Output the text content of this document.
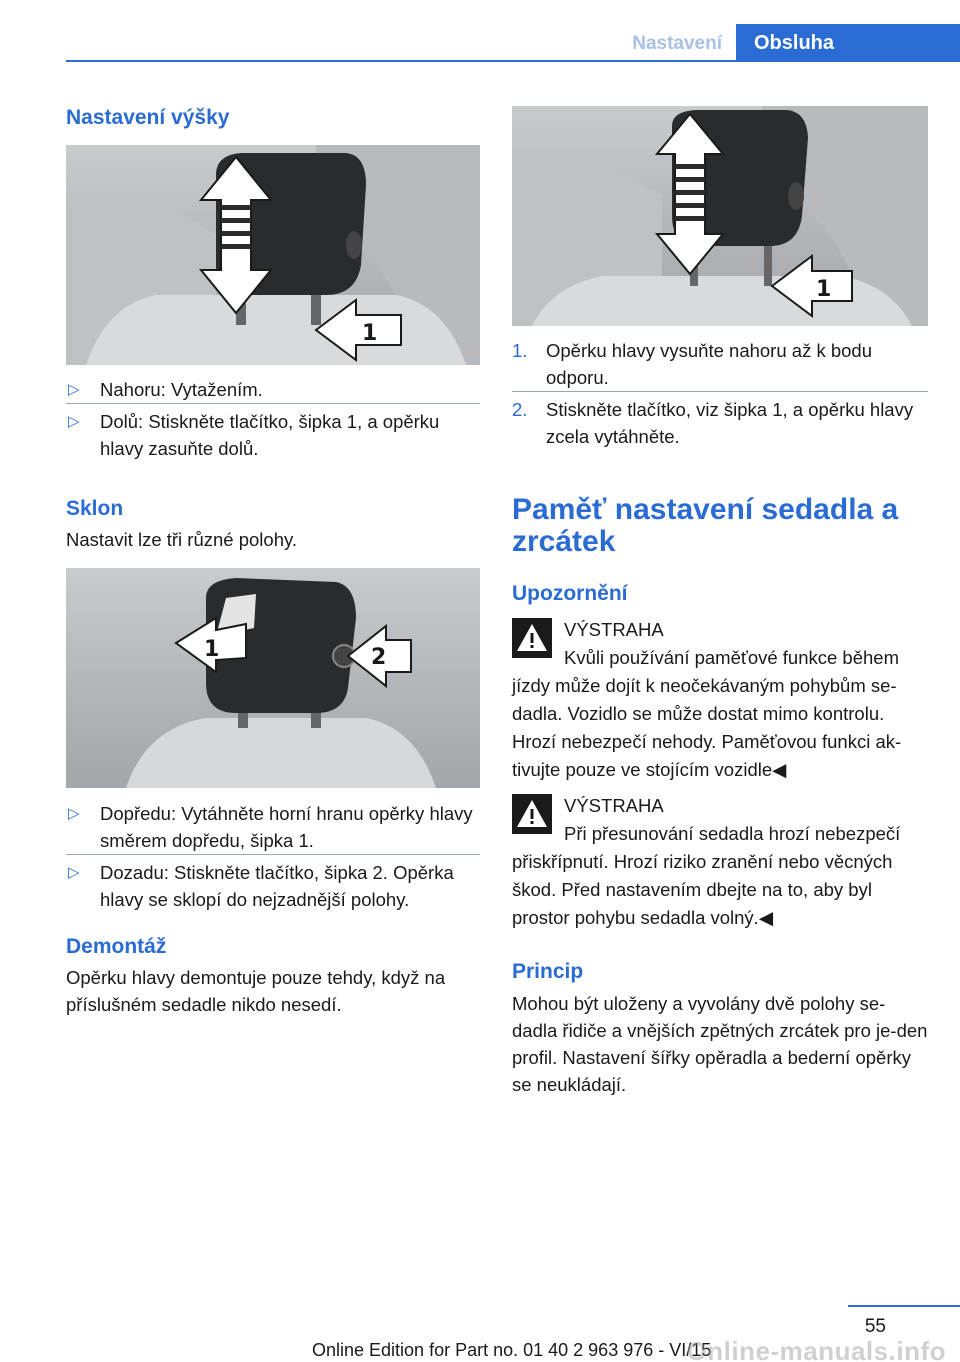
Nastavení	Obsluha
Nastavení výšky
1
▷ Nahoru: Vytažením.
▷ Dolů: Stiskněte tlačítko, šipka 1, a opěrku hlavy zasuňte dolů.
Sklon

Nastavit lze tři různé polohy.

1	2
▷ Dopředu: Vytáhněte horní hranu opěrky hlavy směrem dopředu, šipka 1.
▷ Dozadu: Stiskněte tlačítko, šipka 2. Opěrka hlavy se sklopí do nejzadnější polohy.
Demontáž

Opěrku hlavy demontuje pouze tehdy, když na příslušném sedadle nikdo nesedí.

1
1. Opěrku hlavy vysuňte nahoru až k bodu odporu.
2. Stiskněte tlačítko, viz šipka 1, a opěrku hlavy zcela vytáhněte.
Paměť nastavení sedadla a zrcátek
Upozornění

VÝSTRAHA

Kvůli používání paměťové funkce během

jízdy může dojít k neočekávaným pohybům se-dadla. Vozidlo se může dostat mimo kontrolu. Hrozí nebezpečí nehody. Paměťovou funkci ak-tivujte pouze ve stojícím vozidle◀

VÝSTRAHA

Při přesunování sedadla hrozí nebezpečí

přiskřípnutí. Hrozí riziko zranění nebo věcných škod. Před nastavením dbejte na to, aby byl prostor pohybu sedadla volný.◀

Princip

Mohou být uloženy a vyvolány dvě polohy se-dadla řidiče a vnějších zpětných zrcátek pro je-den profil. Nastavení šířky opěradla a bederní opěrky se neukládají.

55
Online Edition for Part no. 01 40 2 963 976 - VI/15
Online-manuals.info
